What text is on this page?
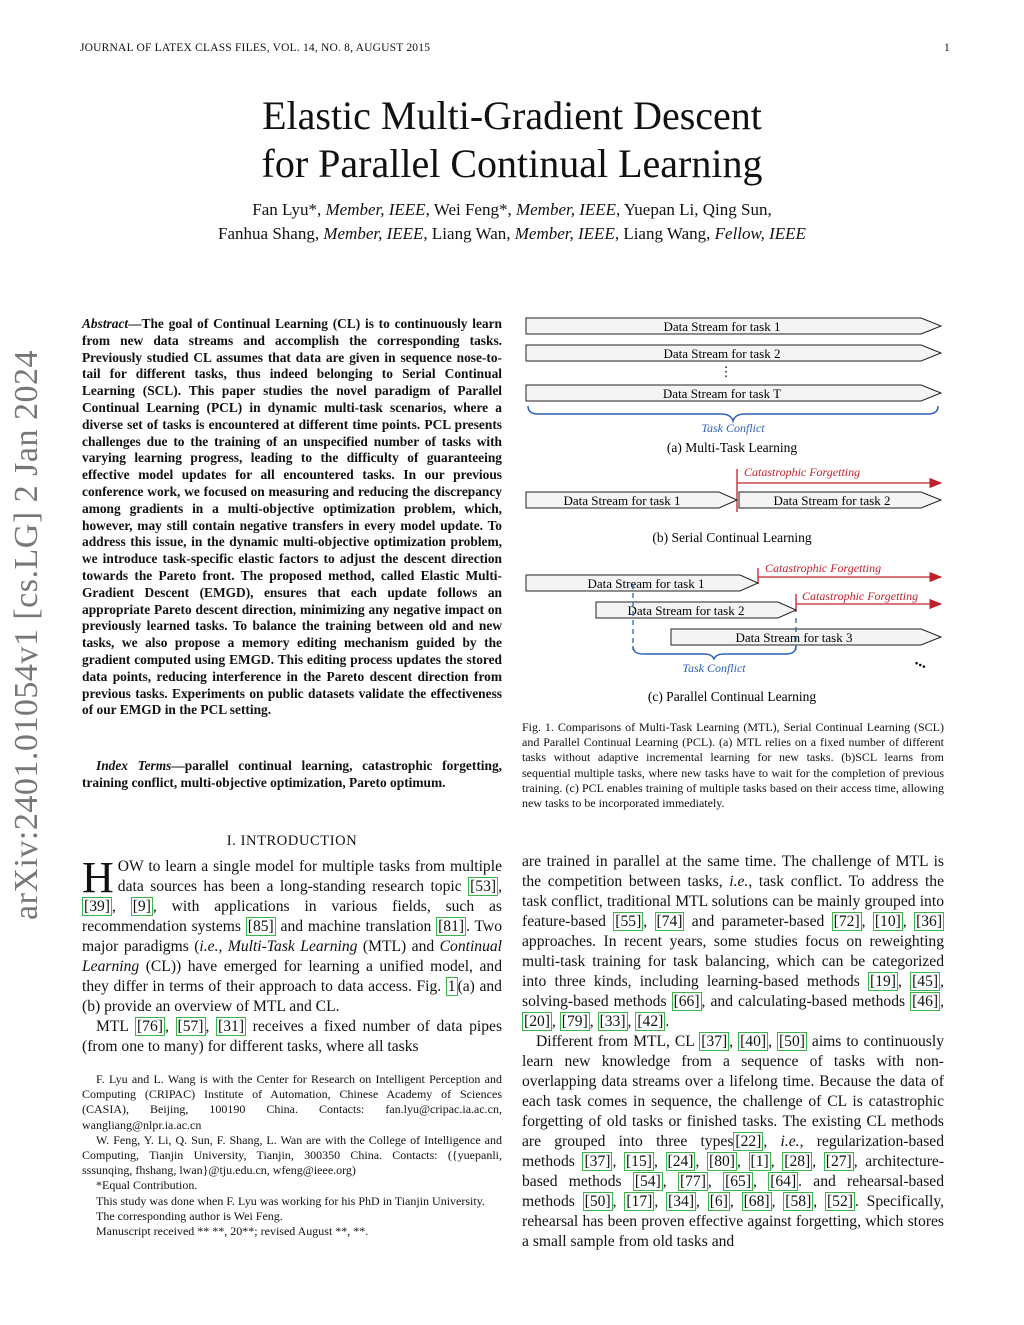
JOURNAL OF LATEX CLASS FILES, VOL. 14, NO. 8, AUGUST 2015	1
Elastic Multi-Gradient Descent
for Parallel Continual Learning
Fan Lyu*, Member, IEEE, Wei Feng*, Member, IEEE, Yuepan Li, Qing Sun,
Fanhua Shang, Member, IEEE, Liang Wan, Member, IEEE, Liang Wang, Fellow, IEEE
arXiv:2401.01054v1 [cs.LG] 2 Jan 2024
Abstract—The goal of Continual Learning (CL) is to continuously learn from new data streams and accomplish the corresponding tasks. Previously studied CL assumes that data are given in sequence nose-to-tail for different tasks, thus indeed belonging to Serial Continual Learning (SCL). This paper studies the novel paradigm of Parallel Continual Learning (PCL) in dynamic multi-task scenarios, where a diverse set of tasks is encountered at different time points. PCL presents challenges due to the training of an unspecified number of tasks with varying learning progress, leading to the difficulty of guaranteeing effective model updates for all encountered tasks. In our previous conference work, we focused on measuring and reducing the discrepancy among gradients in a multi-objective optimization problem, which, however, may still contain negative transfers in every model update. To address this issue, in the dynamic multi-objective optimization problem, we introduce task-specific elastic factors to adjust the descent direction towards the Pareto front. The proposed method, called Elastic Multi-Gradient Descent (EMGD), ensures that each update follows an appropriate Pareto descent direction, minimizing any negative impact on previously learned tasks. To balance the training between old and new tasks, we also propose a memory editing mechanism guided by the gradient computed using EMGD. This editing process updates the stored data points, reducing interference in the Pareto descent direction from previous tasks. Experiments on public datasets validate the effectiveness of our EMGD in the PCL setting.
Index Terms—parallel continual learning, catastrophic forgetting, training conflict, multi-objective optimization, Pareto optimum.
I. INTRODUCTION
HOW to learn a single model for multiple tasks from multiple data sources has been a long-standing research topic [53] , [39] , [9] , with applications in various fields, such as recommendation systems [85] and machine translation [81] . Two major paradigms (i.e., Multi-Task Learning (MTL) and Continual Learning (CL)) have emerged for learning a unified model, and they differ in terms of their approach to data access. Fig. 1 (a) and (b) provide an overview of MTL and CL.
MTL [76] , [57] , [31] receives a fixed number of data pipes (from one to many) for different tasks, where all tasks

F. Lyu and L. Wang is with the Center for Research on Intelligent Perception and Computing (CRIPAC) Institute of Automation, Chinese Academy of Sciences (CASIA), Beijing, 100190 China. Contacts: fan.lyu@cripac.ia.ac.cn, wangliang@nlpr.ia.ac.cn

W. Feng, Y. Li, Q. Sun, F. Shang, L. Wan are with the College of Intelligence and Computing, Tianjin University, Tianjin, 300350 China. Contacts: ({yuepanli, sssunqing, fhshang, lwan}@tju.edu.cn, wfeng@ieee.org)

*Equal Contribution.

This study was done when F. Lyu was working for his PhD in Tianjin University.

The corresponding author is Wei Feng.

Manuscript received ** **, 20**; revised August **, **.

Data Stream for task 1
Data Stream for task 2
⋮
Data Stream for task T
Task Conflict
(a) Multi-Task Learning
Catastrophic Forgetting
Data Stream for task 1	Data Stream for task 2
(b) Serial Continual Learning
Catastrophic Forgetting
Data Stream for task 1
Catastrophic Forgetting
Data Stream for task 2
Data Stream for task 3
Task Conflict	...
(c) Parallel Continual Learning
Fig. 1. Comparisons of Multi-Task Learning (MTL), Serial Continual Learning (SCL) and Parallel Continual Learning (PCL). (a) MTL relies on a fixed number of different tasks without adaptive incremental learning for new tasks. (b)SCL learns from sequential multiple tasks, where new tasks have to wait for the completion of previous training. (c) PCL enables training of multiple tasks based on their access time, allowing new tasks to be incorporated immediately.

are trained in parallel at the same time. The challenge of MTL is the competition between tasks, i.e., task conflict. To address the task conflict, traditional MTL solutions can be mainly grouped into feature-based [55] , [74] and parameter-based [72] , [10] , [36] approaches. In recent years, some studies focus on reweighting multi-task training for task balancing, which can be categorized into three kinds, including learning-based methods [19] , [45] , solving-based methods [66] , and calculating-based methods [46] , [20] , [79] , [33] , [42] .

Different from MTL, CL [37] , [40] , [50] aims to continuously learn new knowledge from a sequence of tasks with non-overlapping data streams over a lifelong time. Because the data of each task comes in sequence, the challenge of CL is catastrophic forgetting of old tasks or finished tasks. The existing CL methods are grouped into three types [22] , i.e., regularization-based methods [37] , [15] , [24] , [80] , [1] , [28] , [27] , architecture-based methods [54] , [77] , [65] , [64] . and rehearsal-based methods [50] , [17] , [34] , [6] , [68] , [58] , [52] . Specifically, rehearsal has been proven effective against forgetting, which stores a small sample from old tasks and
